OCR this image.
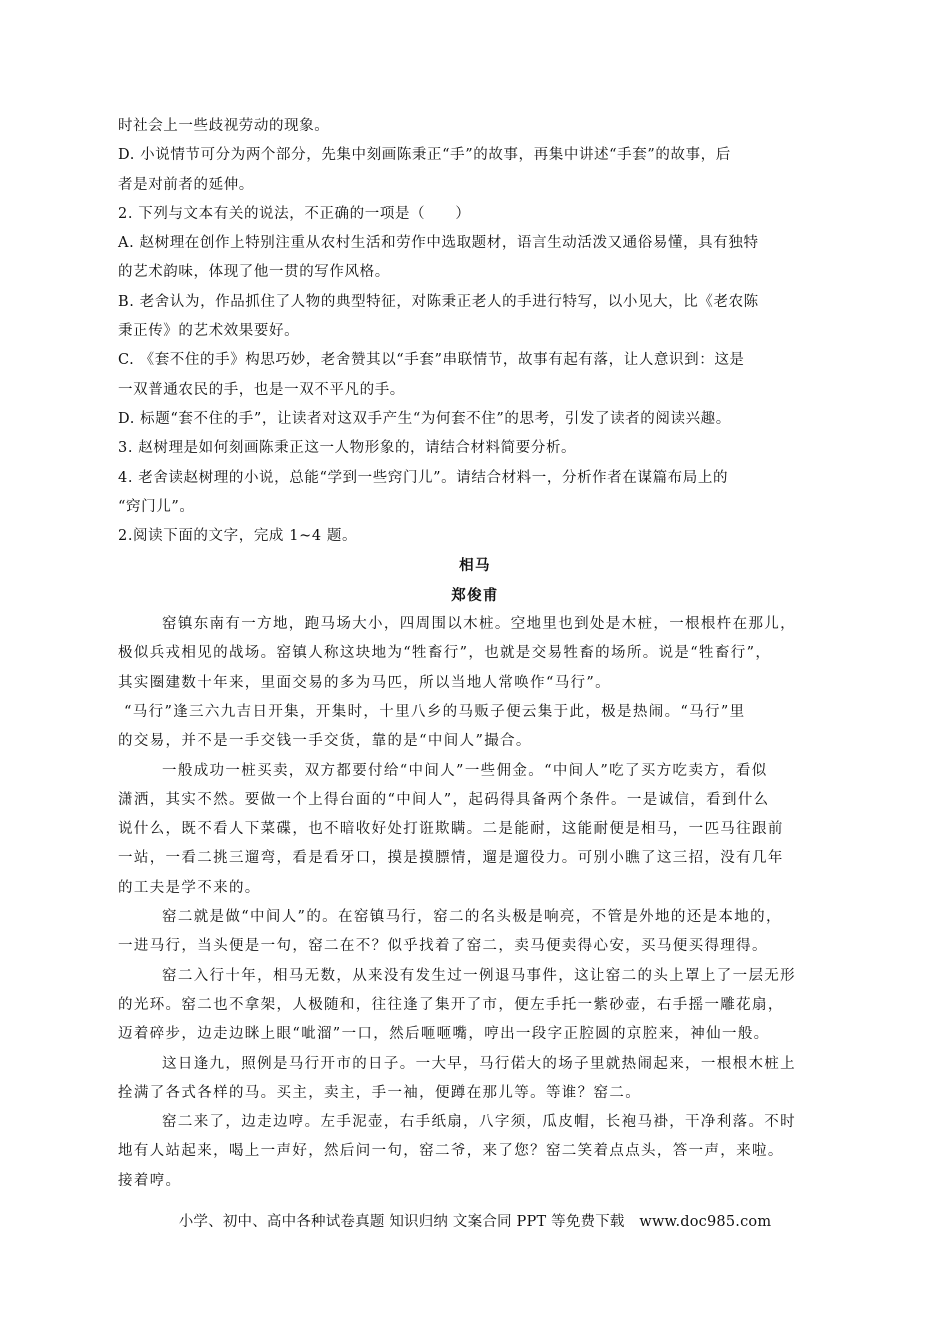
时社会上一些歧视劳动的现象。
D. 小说情节可分为两个部分，先集中刻画陈秉正“手”的故事，再集中讲述“手套”的故事，后
者是对前者的延伸。
2. 下列与文本有关的说法，不正确的一项是（　　）
A. 赵树理在创作上特别注重从农村生活和劳作中选取题材，语言生动活泼又通俗易懂，具有独特
的艺术韵味，体现了他一贯的写作风格。
B. 老舍认为，作品抓住了人物的典型特征，对陈秉正老人的手进行特写，以小见大，比《老农陈
秉正传》的艺术效果要好。
C. 《套不住的手》构思巧妙，老舍赞其以“手套”串联情节，故事有起有落，让人意识到：这是
一双普通农民的手，也是一双不平凡的手。
D. 标题“套不住的手”，让读者对这双手产生“为何套不住”的思考，引发了读者的阅读兴趣。
3. 赵树理是如何刻画陈秉正这一人物形象的，请结合材料简要分析。
4. 老舍读赵树理的小说，总能“学到一些窍门儿”。请结合材料一，分析作者在谋篇布局上的
“窍门儿”。
2.阅读下面的文字，完成 1~4 题。
相马
郑俊甫
窑镇东南有一方地，跑马场大小，四周围以木桩。空地里也到处是木桩，一根根杵在那儿，
极似兵戎相见的战场。窑镇人称这块地为“牲畜行”，也就是交易牲畜的场所。说是“牲畜行”，
其实圈建数十年来，里面交易的多为马匹，所以当地人常唤作“马行”。
“马行”逢三六九吉日开集，开集时，十里八乡的马贩子便云集于此，极是热闹。“马行”里
的交易，并不是一手交钱一手交货，靠的是“中间人”撮合。
一般成功一桩买卖，双方都要付给“中间人”一些佣金。“中间人”吃了买方吃卖方，看似
潇洒，其实不然。要做一个上得台面的“中间人”，起码得具备两个条件。一是诚信，看到什么
说什么，既不看人下菜碟，也不暗收好处打诳欺瞒。二是能耐，这能耐便是相马，一匹马往跟前
一站，一看二挑三遛弯，看是看牙口，摸是摸膘情，遛是遛役力。可别小瞧了这三招，没有几年
的工夫是学不来的。
窑二就是做“中间人”的。在窑镇马行，窑二的名头极是响亮，不管是外地的还是本地的，
一进马行，当头便是一句，窑二在不？似乎找着了窑二，卖马便卖得心安，买马便买得理得。
窑二入行十年，相马无数，从来没有发生过一例退马事件，这让窑二的头上罩上了一层无形
的光环。窑二也不拿架，人极随和，往往逢了集开了市，便左手托一紫砂壶，右手摇一雕花扇，
迈着碎步，边走边眯上眼“呲溜”一口，然后咂咂嘴，哼出一段字正腔圆的京腔来，神仙一般。
这日逢九，照例是马行开市的日子。一大早，马行偌大的场子里就热闹起来，一根根木桩上
拴满了各式各样的马。买主，卖主，手一袖，便蹲在那儿等。等谁？窑二。
窑二来了，边走边哼。左手泥壶，右手纸扇，八字须，瓜皮帽，长袍马褂，干净利落。不时
地有人站起来，喝上一声好，然后问一句，窑二爷，来了您？窑二笑着点点头，答一声，来啦。
接着哼。
小学、初中、高中各种试卷真题 知识归纳 文案合同 PPT 等免费下载　www.doc985.com
